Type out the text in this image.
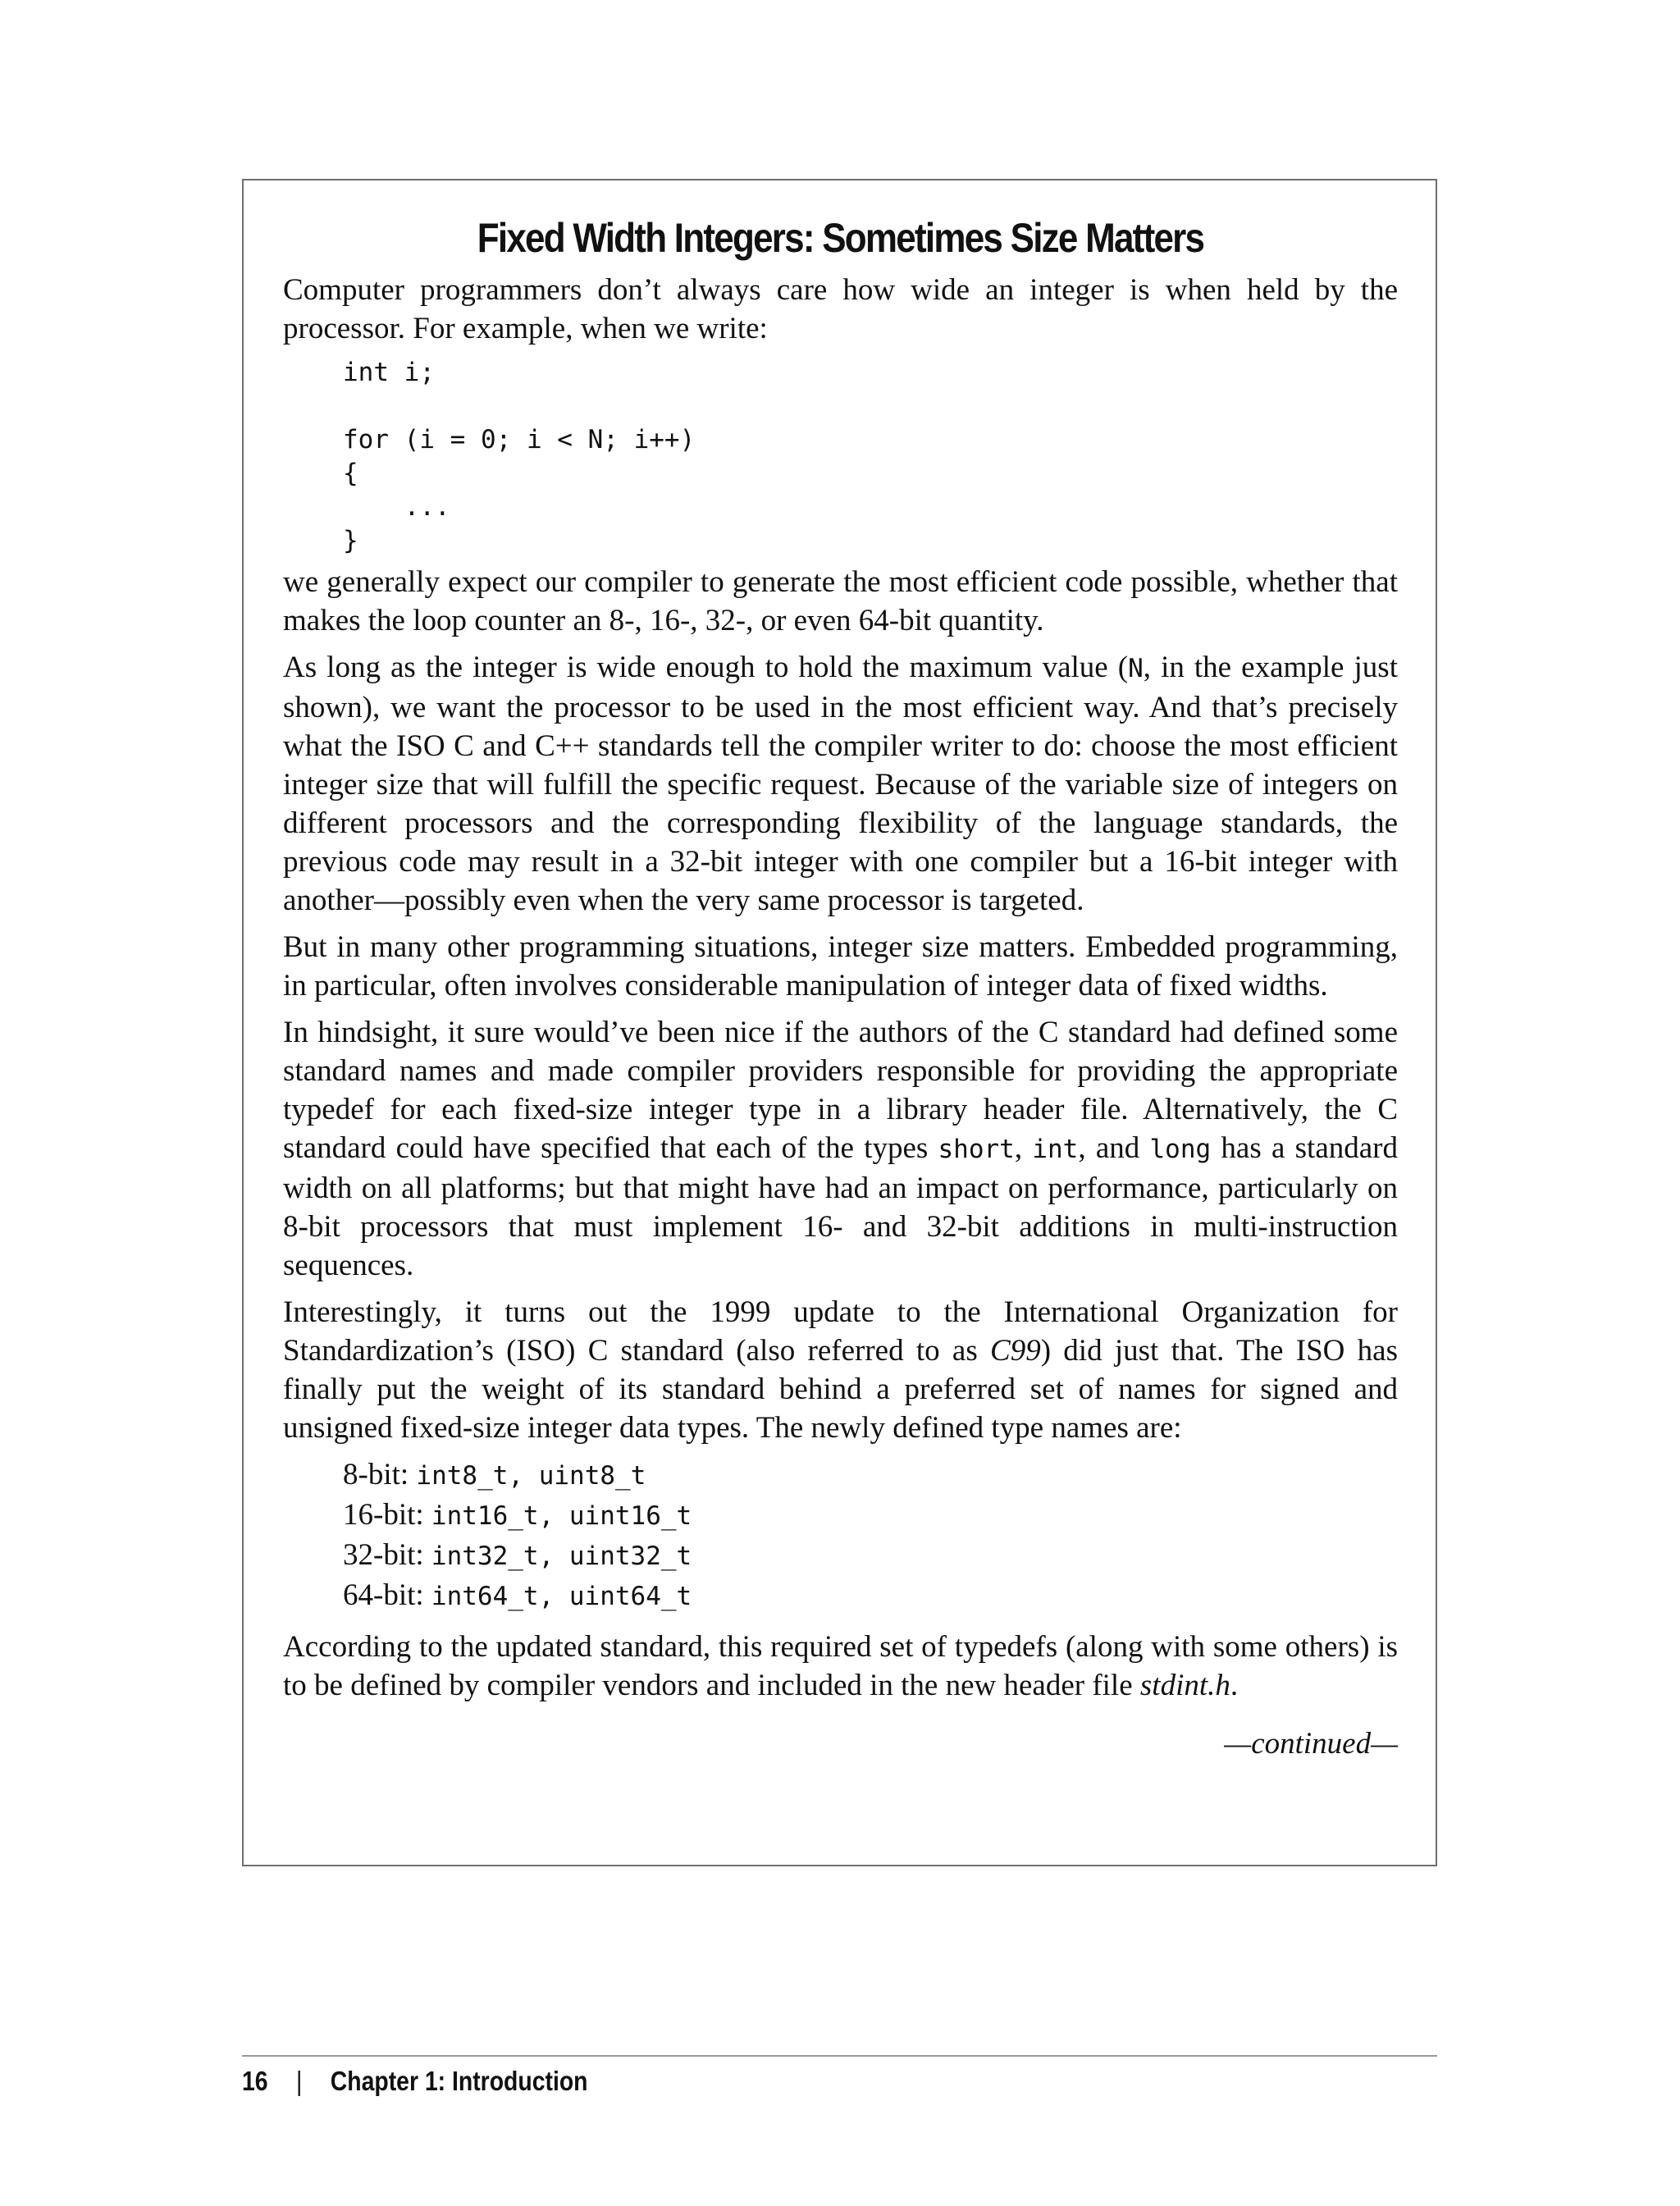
Fixed Width Integers: Sometimes Size Matters

Computer programmers don’t always care how wide an integer is when held by the processor. For example, when we write:

int i;

for (i = 0; i < N; i++)
{
...
}

we generally expect our compiler to generate the most efficient code possible, whether that makes the loop counter an 8-, 16-, 32-, or even 64-bit quantity.

As long as the integer is wide enough to hold the maximum value (N, in the example just shown), we want the processor to be used in the most efficient way. And that’s precisely what the ISO C and C++ standards tell the compiler writer to do: choose the most efficient integer size that will fulfill the specific request. Because of the variable size of integers on different processors and the corresponding flexibility of the language standards, the previous code may result in a 32-bit integer with one compiler but a 16-bit integer with another—possibly even when the very same processor is targeted.

But in many other programming situations, integer size matters. Embedded programming, in particular, often involves considerable manipulation of integer data of fixed widths.

In hindsight, it sure would’ve been nice if the authors of the C standard had defined some standard names and made compiler providers responsible for providing the appropriate typedef for each fixed-size integer type in a library header file. Alternatively, the C standard could have specified that each of the types short, int, and long has a standard width on all platforms; but that might have had an impact on performance, particularly on 8-bit processors that must implement 16- and 32-bit additions in multi-instruction sequences.

Interestingly, it turns out the 1999 update to the International Organization for Standardization’s (ISO) C standard (also referred to as C99) did just that. The ISO has finally put the weight of its standard behind a preferred set of names for signed and unsigned fixed-size integer data types. The newly defined type names are:

8-bit: int8_t, uint8_t
16-bit: int16_t, uint16_t
32-bit: int32_t, uint32_t
64-bit: int64_t, uint64_t

According to the updated standard, this required set of typedefs (along with some others) is to be defined by compiler vendors and included in the new header file stdint.h.

—continued—
16 | Chapter 1: Introduction
